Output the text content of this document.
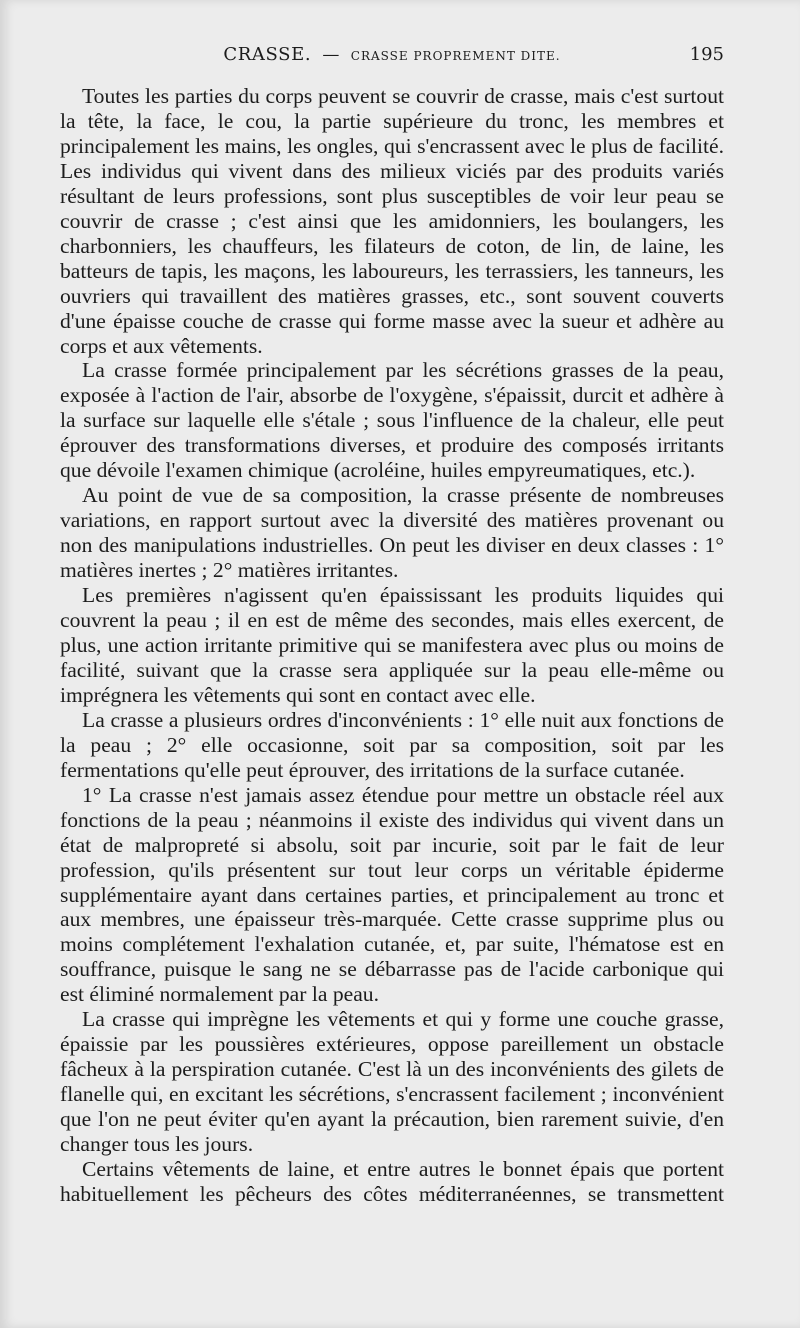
CRASSE. — CRASSE PROPREMENT DITE.	195

Toutes les parties du corps peuvent se couvrir de crasse, mais c'est surtout la tête, la face, le cou, la partie supérieure du tronc, les membres et principalement les mains, les ongles, qui s'encrassent avec le plus de facilité. Les individus qui vivent dans des milieux viciés par des produits variés résultant de leurs professions, sont plus susceptibles de voir leur peau se couvrir de crasse ; c'est ainsi que les amidonniers, les boulangers, les charbonniers, les chauffeurs, les filateurs de coton, de lin, de laine, les batteurs de tapis, les maçons, les laboureurs, les terrassiers, les tanneurs, les ouvriers qui travaillent des matières grasses, etc., sont souvent couverts d'une épaisse couche de crasse qui forme masse avec la sueur et adhère au corps et aux vêtements.

La crasse formée principalement par les sécrétions grasses de la peau, exposée à l'action de l'air, absorbe de l'oxygène, s'épaissit, durcit et adhère à la surface sur laquelle elle s'étale ; sous l'influence de la chaleur, elle peut éprouver des transformations diverses, et produire des composés irritants que dévoile l'examen chimique (acroléine, huiles empyreumatiques, etc.).

Au point de vue de sa composition, la crasse présente de nombreuses variations, en rapport surtout avec la diversité des matières provenant ou non des manipulations industrielles. On peut les diviser en deux classes : 1° matières inertes ; 2° matières irritantes.

Les premières n'agissent qu'en épaississant les produits liquides qui couvrent la peau ; il en est de même des secondes, mais elles exercent, de plus, une action irritante primitive qui se manifestera avec plus ou moins de facilité, suivant que la crasse sera appliquée sur la peau elle-même ou imprégnera les vêtements qui sont en contact avec elle.

La crasse a plusieurs ordres d'inconvénients : 1° elle nuit aux fonctions de la peau ; 2° elle occasionne, soit par sa composition, soit par les fermentations qu'elle peut éprouver, des irritations de la surface cutanée.

1° La crasse n'est jamais assez étendue pour mettre un obstacle réel aux fonctions de la peau ; néanmoins il existe des individus qui vivent dans un état de malpropreté si absolu, soit par incurie, soit par le fait de leur profession, qu'ils présentent sur tout leur corps un véritable épiderme supplémentaire ayant dans certaines parties, et principalement au tronc et aux membres, une épaisseur très-marquée. Cette crasse supprime plus ou moins complétement l'exhalation cutanée, et, par suite, l'hématose est en souffrance, puisque le sang ne se débarrasse pas de l'acide carbonique qui est éliminé normalement par la peau.

La crasse qui imprègne les vêtements et qui y forme une couche grasse, épaissie par les poussières extérieures, oppose pareillement un obstacle fâcheux à la perspiration cutanée. C'est là un des inconvénients des gilets de flanelle qui, en excitant les sécrétions, s'encrassent facilement ; inconvénient que l'on ne peut éviter qu'en ayant la précaution, bien rarement suivie, d'en changer tous les jours.

Certains vêtements de laine, et entre autres le bonnet épais que portent habituellement les pêcheurs des côtes méditerranéennes, se transmettent
